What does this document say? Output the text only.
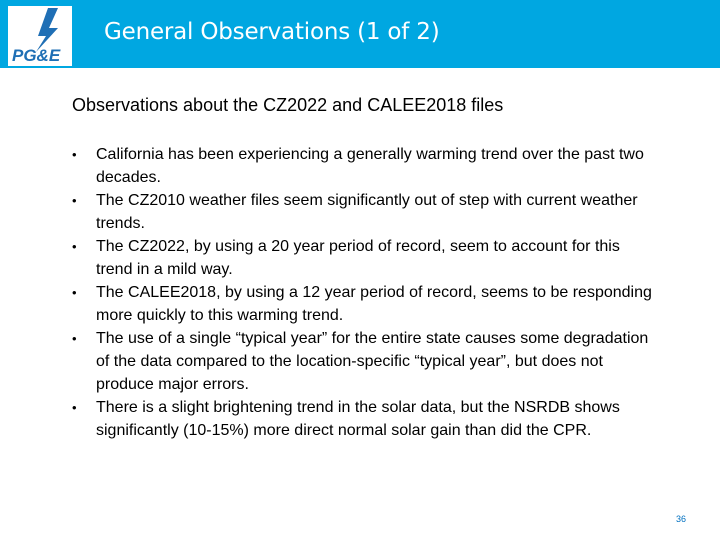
PG&E
General Observations (1 of 2)
Observations about the CZ2022 and CALEE2018 files
•	California has been experiencing a generally warming trend over the past two decades.
•	The CZ2010 weather files seem significantly out of step with current weather trends.
•	The CZ2022, by using a 20 year period of record, seem to account for this trend in a mild way.
•	The CALEE2018, by using a 12 year period of record, seems to be responding more quickly to this warming trend.
•	The use of a single “typical year” for the entire state causes some degradation of the data compared to the location-specific “typical year”, but does not produce major errors.
•	There is a slight brightening trend in the solar data, but the NSRDB shows significantly (10-15%) more direct normal solar gain than did the CPR.
36
